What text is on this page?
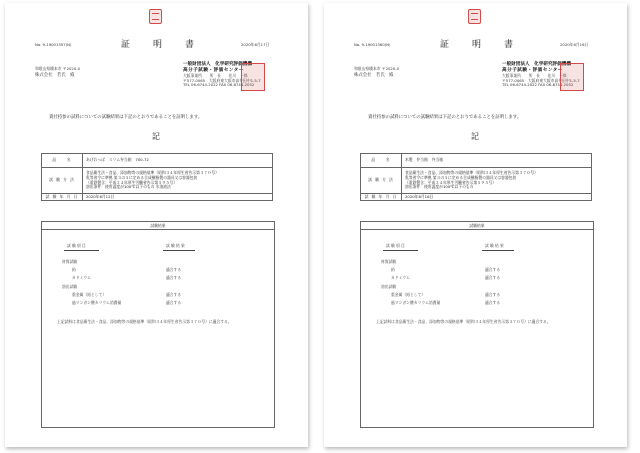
No. 9-19001357(N)	証　明　書	2020年6月17日
和歌山県橋本市 〒2020-0
株式会社　若氏　殿
一般財団法人　化学研究評価機構
高分子試験・評価センター
大阪事業所　　所　長　　花川　一郎
〒577-0065　大阪府東大阪市高井田中1-5-7
TEL 06-6744-2022 FAX 06-6744-2052
貴社持参の試料についての試験結果は下記のとおりであることを証明します。
記
品　　名	あげわっぱ　スリム弁当箱　700-72
試 験 方 法	食品衛生法・食品、添加物等の規格基準（昭和３４年厚生省告示第３７０号）
乳等省令に準拠 第３の５に定める合成樹脂製の器具又は容器包装
（重鉄製含：平成２４年厚生労働省告示第５９５号）
溶出条件：使用温度が100℃以下のもの 水溶液法

試 験 年 月 日	2020年6月12日
試験結果
試 験 項 目	試 験 結 果
材質試験
鉛	適合する
カドミウム	適合する
溶出試験
重金属（鉛として）	適合する
過マンガン酸カリウム消費量	適合する
上記試料は食品衛生法・食品、添加物等の規格基準（昭和３４年厚生省告示第３７０号）に適合する。
No. 9-19001360(N)	証　明　書	2020年6月16日
和歌山県橋本市 〒2020-0
株式会社　若氏　殿
一般財団法人　化学研究評価機構
高分子試験・評価センター
大阪事業所　　所　長　　花川　一郎
〒577-0065　大阪府東大阪市高井田中1-5-7
TEL 06-6744-2022 FAX 06-6744-2052
貴社持参の試料についての試験結果は下記のとおりであることを証明します。
記
品　　名	木製　弁当箱　弁当箱
試 験 方 法	食品衛生法・食品、添加物等の規格基準（昭和３４年厚生省告示第３７０号）
乳等省令に準拠 第３の５に定める合成樹脂製の器具又は容器包装
（重鉄製含：平成２４年厚生労働省告示第５９５号）
溶出条件：使用温度が100℃以下のもの

試 験 年 月 日	2020年6月16日
試験結果
試 験 項 目	試 験 結 果
材質試験
鉛	適合する
カドミウム	適合する
溶出試験
重金属（鉛として）	適合する
過マンガン酸カリウム消費量	適合する
上記試料は食品衛生法・食品、添加物等の規格基準（昭和３４年厚生省告示第３７０号）に適合する。
